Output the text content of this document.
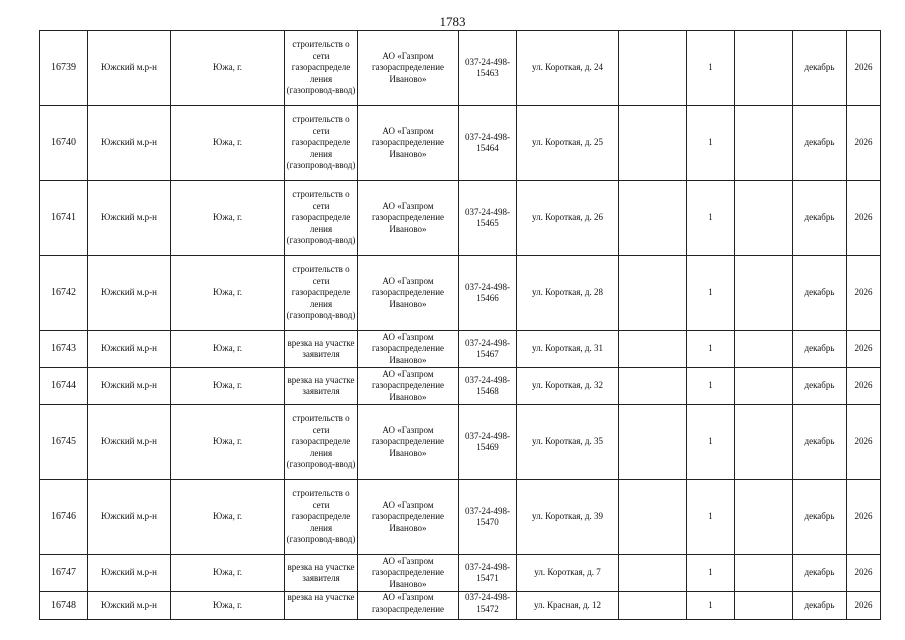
1783
16739	Южский м.р-н	Южа, г.	строительств о сети газораспределе ления (газопровод-ввод)	АО «Газпром газораспределение Иваново»	037-24-498-15463	ул. Короткая, д. 24		1		декабрь	2026
16740	Южский м.р-н	Южа, г.	строительств о сети газораспределе ления (газопровод-ввод)	АО «Газпром газораспределение Иваново»	037-24-498-15464	ул. Короткая, д. 25		1		декабрь	2026
16741	Южский м.р-н	Южа, г.	строительств о сети газораспределе ления (газопровод-ввод)	АО «Газпром газораспределение Иваново»	037-24-498-15465	ул. Короткая, д. 26		1		декабрь	2026
16742	Южский м.р-н	Южа, г.	строительств о сети газораспределе ления (газопровод-ввод)	АО «Газпром газораспределение Иваново»	037-24-498-15466	ул. Короткая, д. 28		1		декабрь	2026
16743	Южский м.р-н	Южа, г.	врезка на участке заявителя	АО «Газпром газораспределение Иваново»	037-24-498-15467	ул. Короткая, д. 31		1		декабрь	2026
16744	Южский м.р-н	Южа, г.	врезка на участке заявителя	АО «Газпром газораспределение Иваново»	037-24-498-15468	ул. Короткая, д. 32		1		декабрь	2026
16745	Южский м.р-н	Южа, г.	строительств о сети газораспределе ления (газопровод-ввод)	АО «Газпром газораспределение Иваново»	037-24-498-15469	ул. Короткая, д. 35		1		декабрь	2026
16746	Южский м.р-н	Южа, г.	строительств о сети газораспределе ления (газопровод-ввод)	АО «Газпром газораспределение Иваново»	037-24-498-15470	ул. Короткая, д. 39		1		декабрь	2026
16747	Южский м.р-н	Южа, г.	врезка на участке заявителя	АО «Газпром газораспределение Иваново»	037-24-498-15471	ул. Короткая, д. 7		1		декабрь	2026
16748	Южский м.р-н	Южа, г.	врезка на участке	АО «Газпром газораспределение	037-24-498-15472	ул. Красная, д. 12		1		декабрь	2026
